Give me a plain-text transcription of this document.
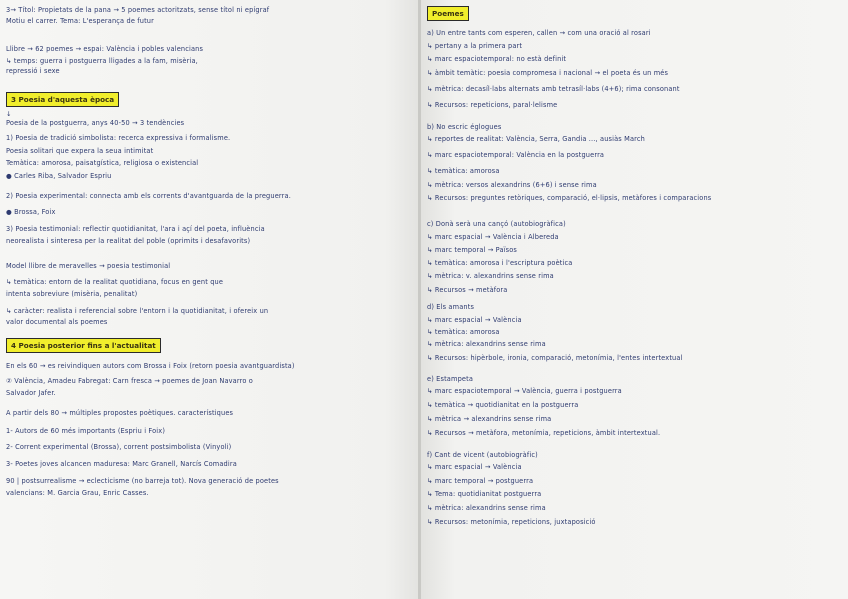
3→ Títol: Propietats de la pana → 5 poemes actoritzats, sense títol ni epígraf
Motiu el carrer. Tema: L'esperança de futur
Llibre → 62 poemes → espai: València i pobles valencians
↳ temps: guerra i postguerra lligades a la fam, misèria,
repressió i sexe
3 Poesia d'aquesta època
↓
Poesia de la postguerra, anys 40-50 → 3 tendències
1) Poesia de tradició simbolista: recerca expressiva i formalisme.
Poesia solitari que expera la seua intimitat
Temàtica: amorosa, paisatgística, religiosa o existencial
● Carles Riba, Salvador Espriu
2) Poesia experimental: connecta amb els corrents d'avantguarda de la preguerra.
● Brossa, Foix
3) Poesia testimonial: reflectir quotidianitat, l'ara i açí del poeta, influència
neorealista i sinteresa per la realitat del poble (oprimits i desafavorits)
Model llibre de meravelles → poesia testimonial
↳ temàtica: entorn de la realitat quotidiana, focus en gent que
intenta sobreviure (misèria, penalitat)
↳ caràcter: realista i referencial sobre l'entorn i la quotidianitat, i ofereix un
valor documental als poemes
4 Poesia posterior fins a l'actualitat
En els 60 → es reivindiquen autors com Brossa i Foix (retorn poesia avantguardista)
② València, Amadeu Fabregat: Carn fresca → poemes de Joan Navarro o
Salvador Jafer.
A partir dels 80 → múltiples propostes poètiques. característiques
1- Autors de 60 més importants (Espriu i Foix)
2- Corrent experimental (Brossa), corrent postsimbolista (Vinyoli)
3- Poetes joves alcancen maduresa: Marc Granell, Narcís Comadira
90 | postsurrealisme → eclecticisme (no barreja tot). Nova generació de poetes
valencians: M. Garcia Grau, Enric Casses.
Poemes
a) Un entre tants com esperen, callen → com una oració al rosari
↳ pertany a la primera part
↳ marc espaciotemporal: no està definit
↳ àmbit temàtic: poesia compromesa i nacional → el poeta és un més
↳ mètrica: decasíl·labs alternats amb tetrasíl·labs (4+6); rima consonant
↳ Recursos: repeticions, paral·lelisme
b) No escric églogues
↳ reportes de realitat: València, Serra, Gandia ..., ausiàs March
↳ marc espaciotemporal: València en la postguerra
↳ temàtica: amorosa
↳ mètrica: versos alexandrins (6+6) i sense rima
↳ Recursos: preguntes retòriques, comparació, el·lipsis, metàfores i comparacions
c) Donà serà una cançó (autobiogràfica)
↳ marc espacial → València i Albereda
↳ marc temporal → Països
↳ temàtica: amorosa i l'escriptura poètica
↳ mètrica: v. alexandrins sense rima
↳ Recursos → metàfora
d) Els amants
↳ marc espacial → València
↳ temàtica: amorosa
↳ mètrica: alexandrins sense rima
↳ Recursos: hipèrbole, ironia, comparació, metonímia, l'entes intertextual
e) Estampeta
↳ marc espaciotemporal → València, guerra i postguerra
↳ temàtica → quotidianitat en la postguerra
↳ mètrica → alexandrins sense rima
↳ Recursos → metàfora, metonímia, repeticions, àmbit intertextual.
f) Cant de vicent (autobiogràfic)
↳ marc espacial → València
↳ marc temporal → postguerra
↳ Tema: quotidianitat postguerra
↳ mètrica: alexandrins sense rima
↳ Recursos: metonímia, repeticions, juxtaposició
